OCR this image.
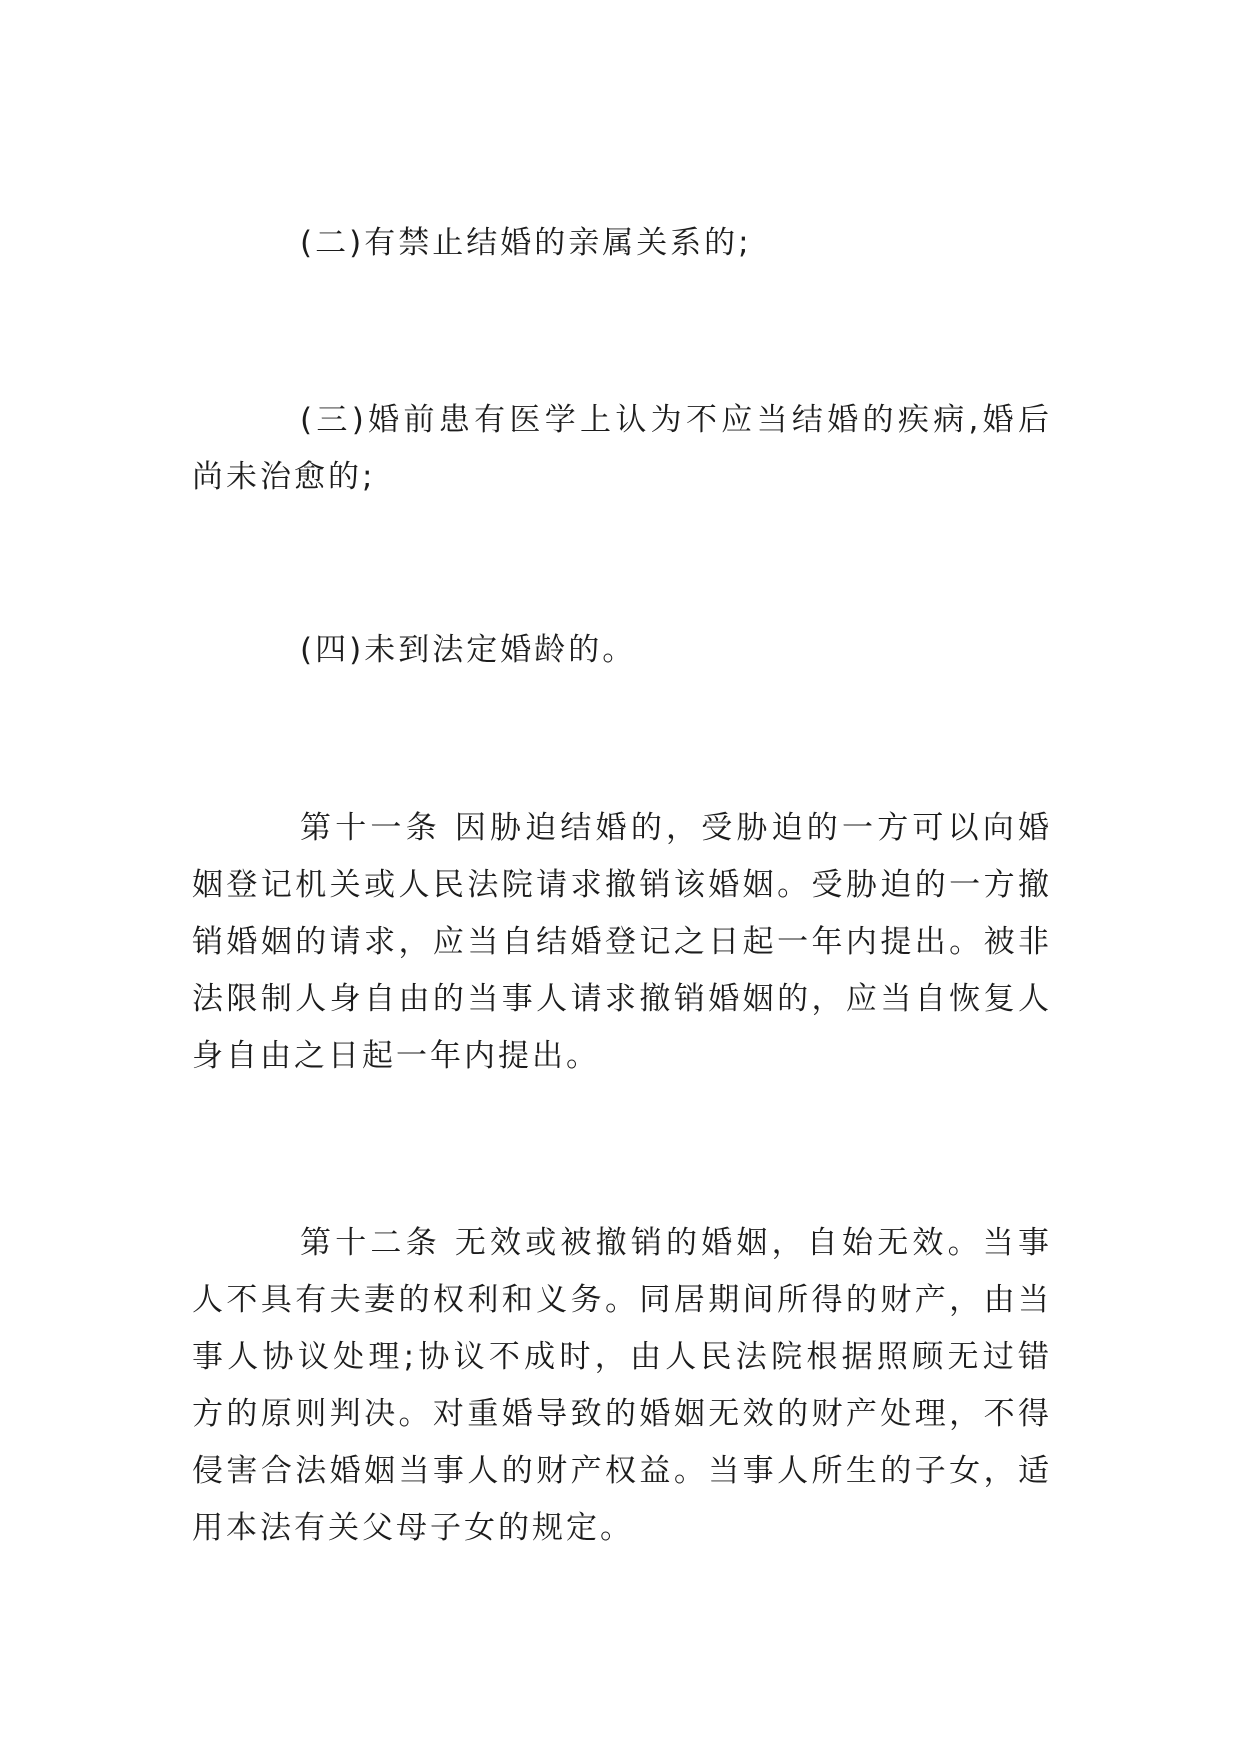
(二)有禁止结婚的亲属关系的;

(三)婚前患有医学上认为不应当结婚的疾病,婚后尚未治愈的;

(四)未到法定婚龄的。

第十一条 因胁迫结婚的，受胁迫的一方可以向婚姻登记机关或人民法院请求撤销该婚姻。受胁迫的一方撤销婚姻的请求，应当自结婚登记之日起一年内提出。被非法限制人身自由的当事人请求撤销婚姻的，应当自恢复人身自由之日起一年内提出。

第十二条 无效或被撤销的婚姻，自始无效。当事人不具有夫妻的权利和义务。同居期间所得的财产，由当事人协议处理;协议不成时，由人民法院根据照顾无过错方的原则判决。对重婚导致的婚姻无效的财产处理，不得侵害合法婚姻当事人的财产权益。当事人所生的子女，适用本法有关父母子女的规定。
